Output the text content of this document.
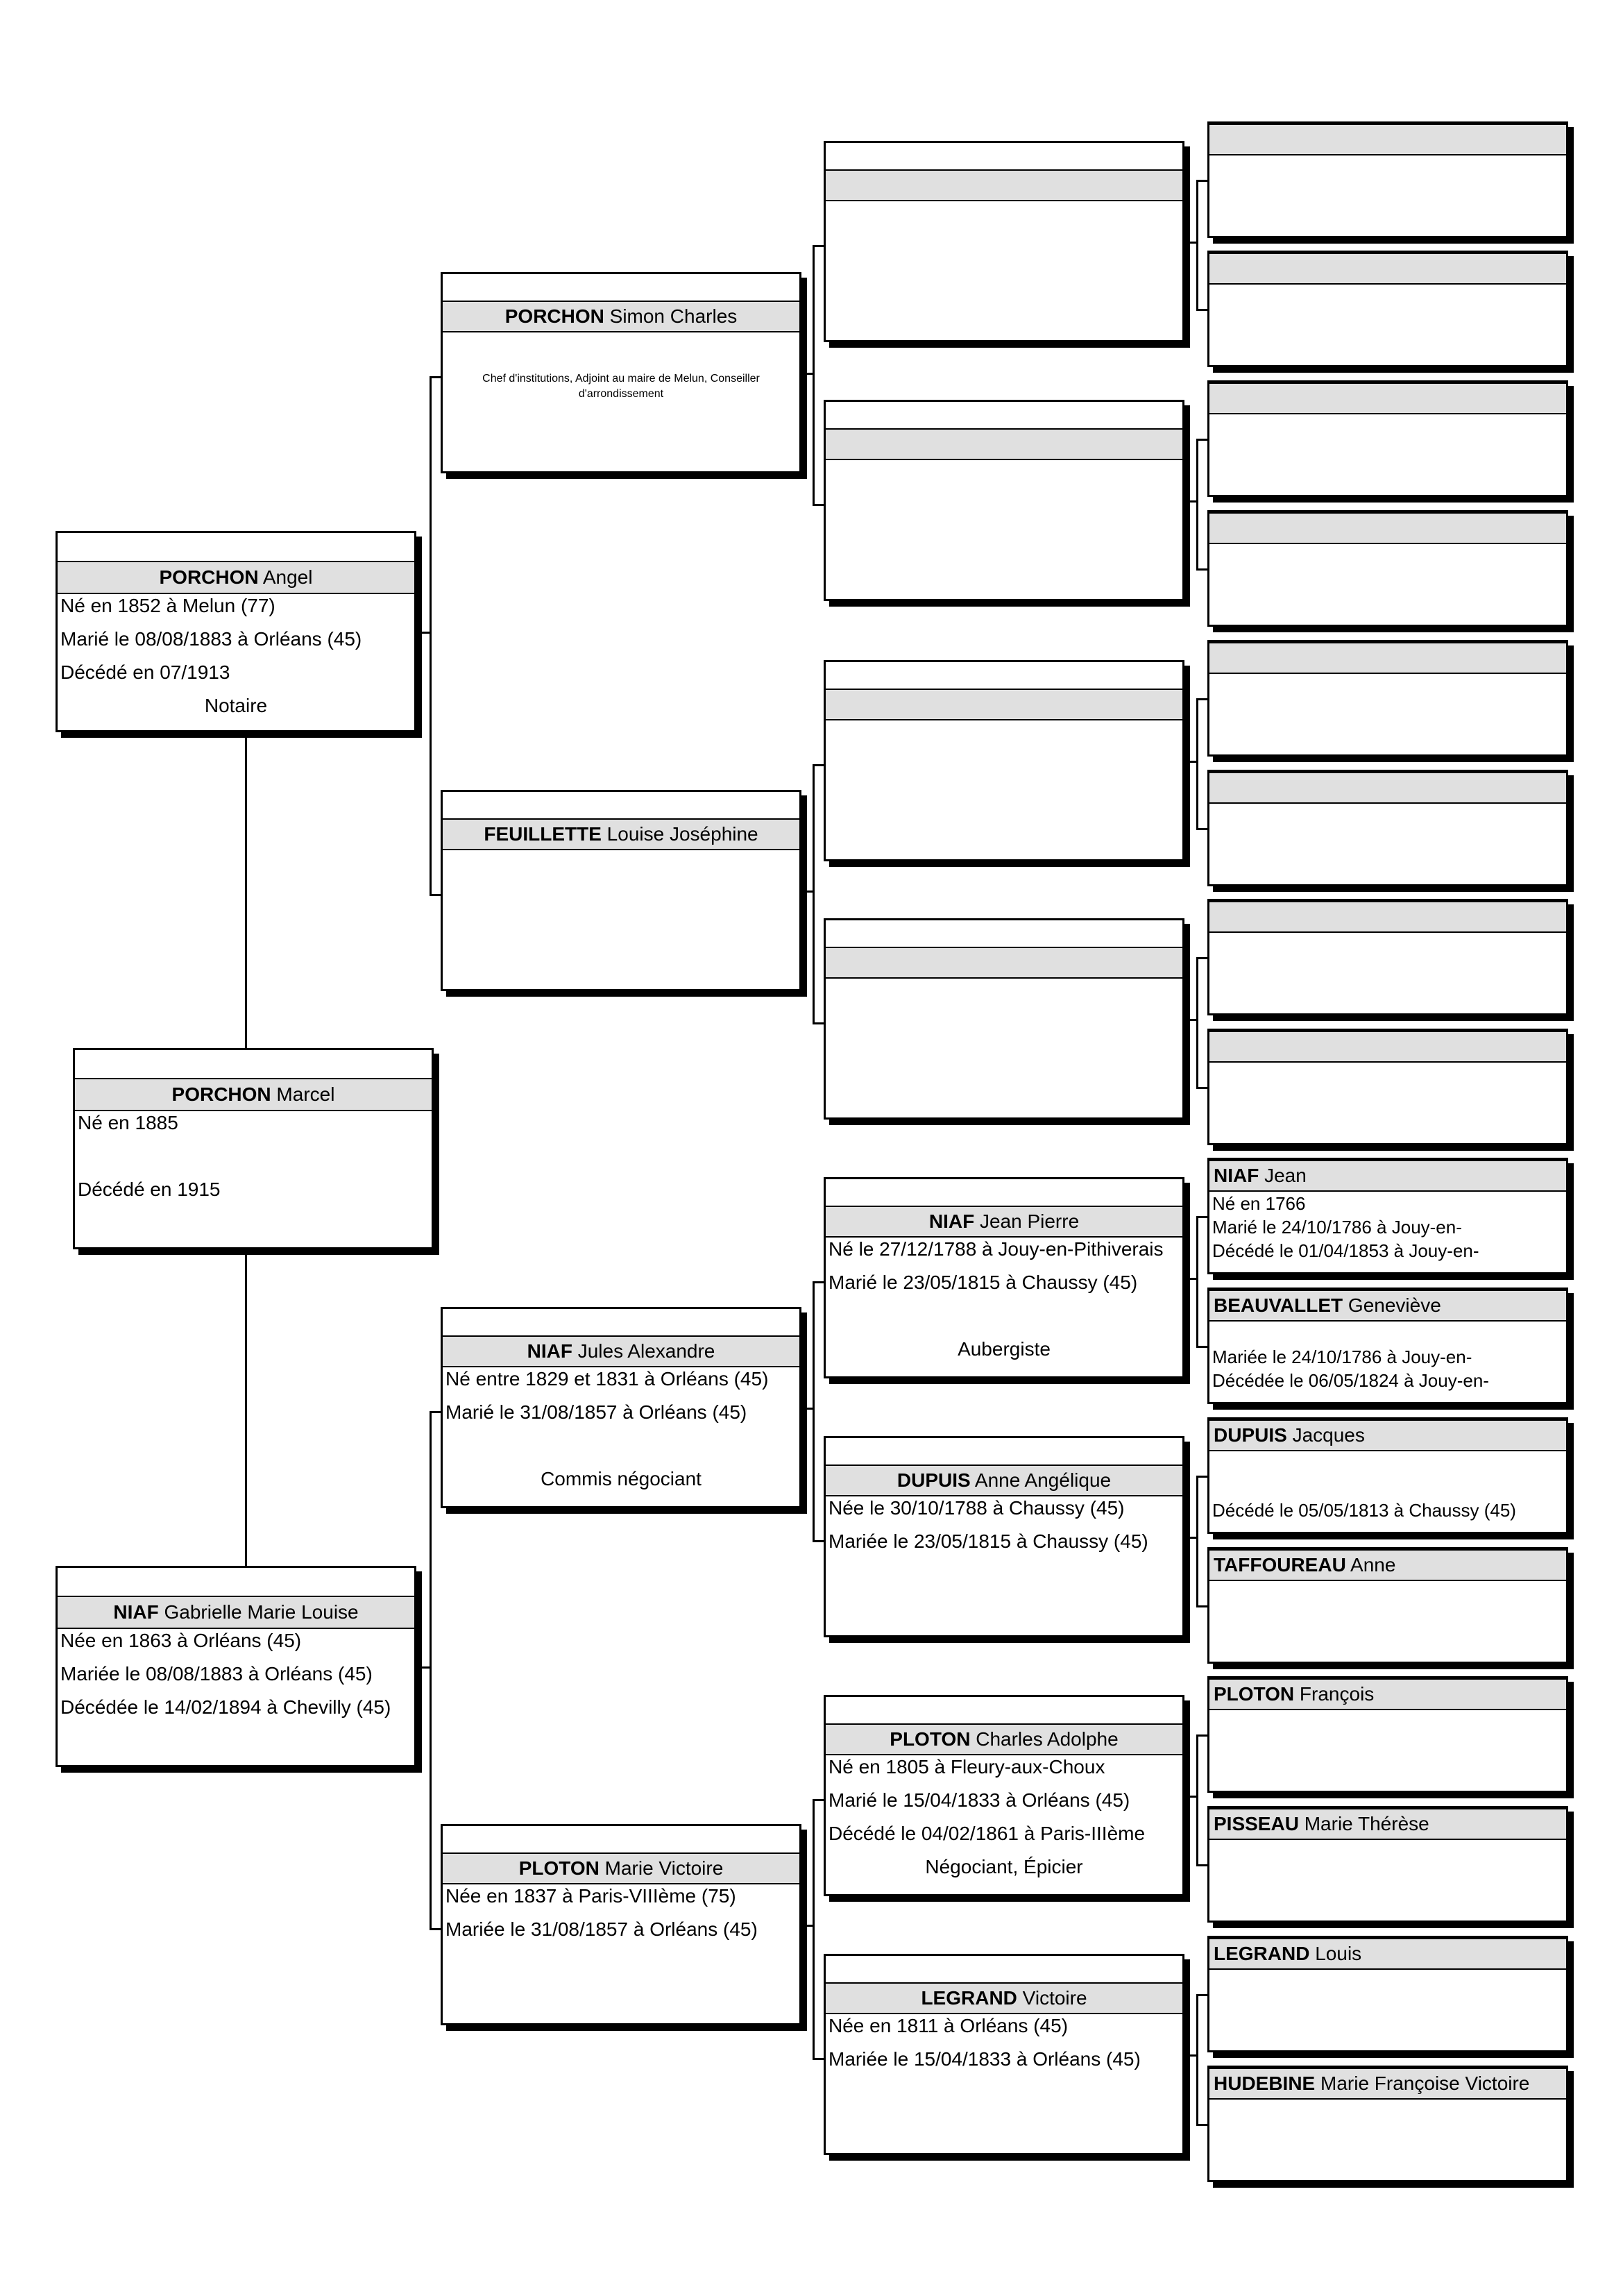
PORCHON Angel
Né en 1852 à Melun (77)
Marié le 08/08/1883 à Orléans (45)
Décédé en 07/1913
Notaire
PORCHON Marcel
Né en 1885
Décédé en 1915
NIAF Gabrielle Marie Louise
Née en 1863 à Orléans (45)
Mariée le 08/08/1883 à Orléans (45)
Décédée le 14/02/1894 à Chevilly (45)
PORCHON Simon Charles
Chef d'institutions, Adjoint au maire de Melun, Conseiller d'arrondissement
FEUILLETTE Louise Joséphine
NIAF Jules Alexandre
Né entre 1829 et 1831 à Orléans (45)
Marié le 31/08/1857 à Orléans (45)
Commis négociant
PLOTON Marie Victoire
Née en 1837 à Paris-VIIIème (75)
Mariée le 31/08/1857 à Orléans (45)
NIAF Jean Pierre
Né le 27/12/1788 à Jouy-en-Pithiverais
Marié le 23/05/1815 à Chaussy (45)
Aubergiste
DUPUIS Anne Angélique
Née le 30/10/1788 à Chaussy (45)
Mariée le 23/05/1815 à Chaussy (45)
PLOTON Charles Adolphe
Né en 1805 à Fleury-aux-Choux
Marié le 15/04/1833 à Orléans (45)
Décédé le 04/02/1861 à Paris-IIIème
Négociant, Épicier
LEGRAND Victoire
Née en 1811 à Orléans (45)
Mariée le 15/04/1833 à Orléans (45)
NIAF Jean
Né en 1766
Marié le 24/10/1786 à Jouy-en-
Décédé le 01/04/1853 à Jouy-en-
BEAUVALLET Geneviève
Mariée le 24/10/1786 à Jouy-en-
Décédée le 06/05/1824 à Jouy-en-
DUPUIS Jacques
Décédé le 05/05/1813 à Chaussy (45)
TAFFOUREAU Anne
PLOTON François
PISSEAU Marie Thérèse
LEGRAND Louis
HUDEBINE Marie Françoise Victoire
